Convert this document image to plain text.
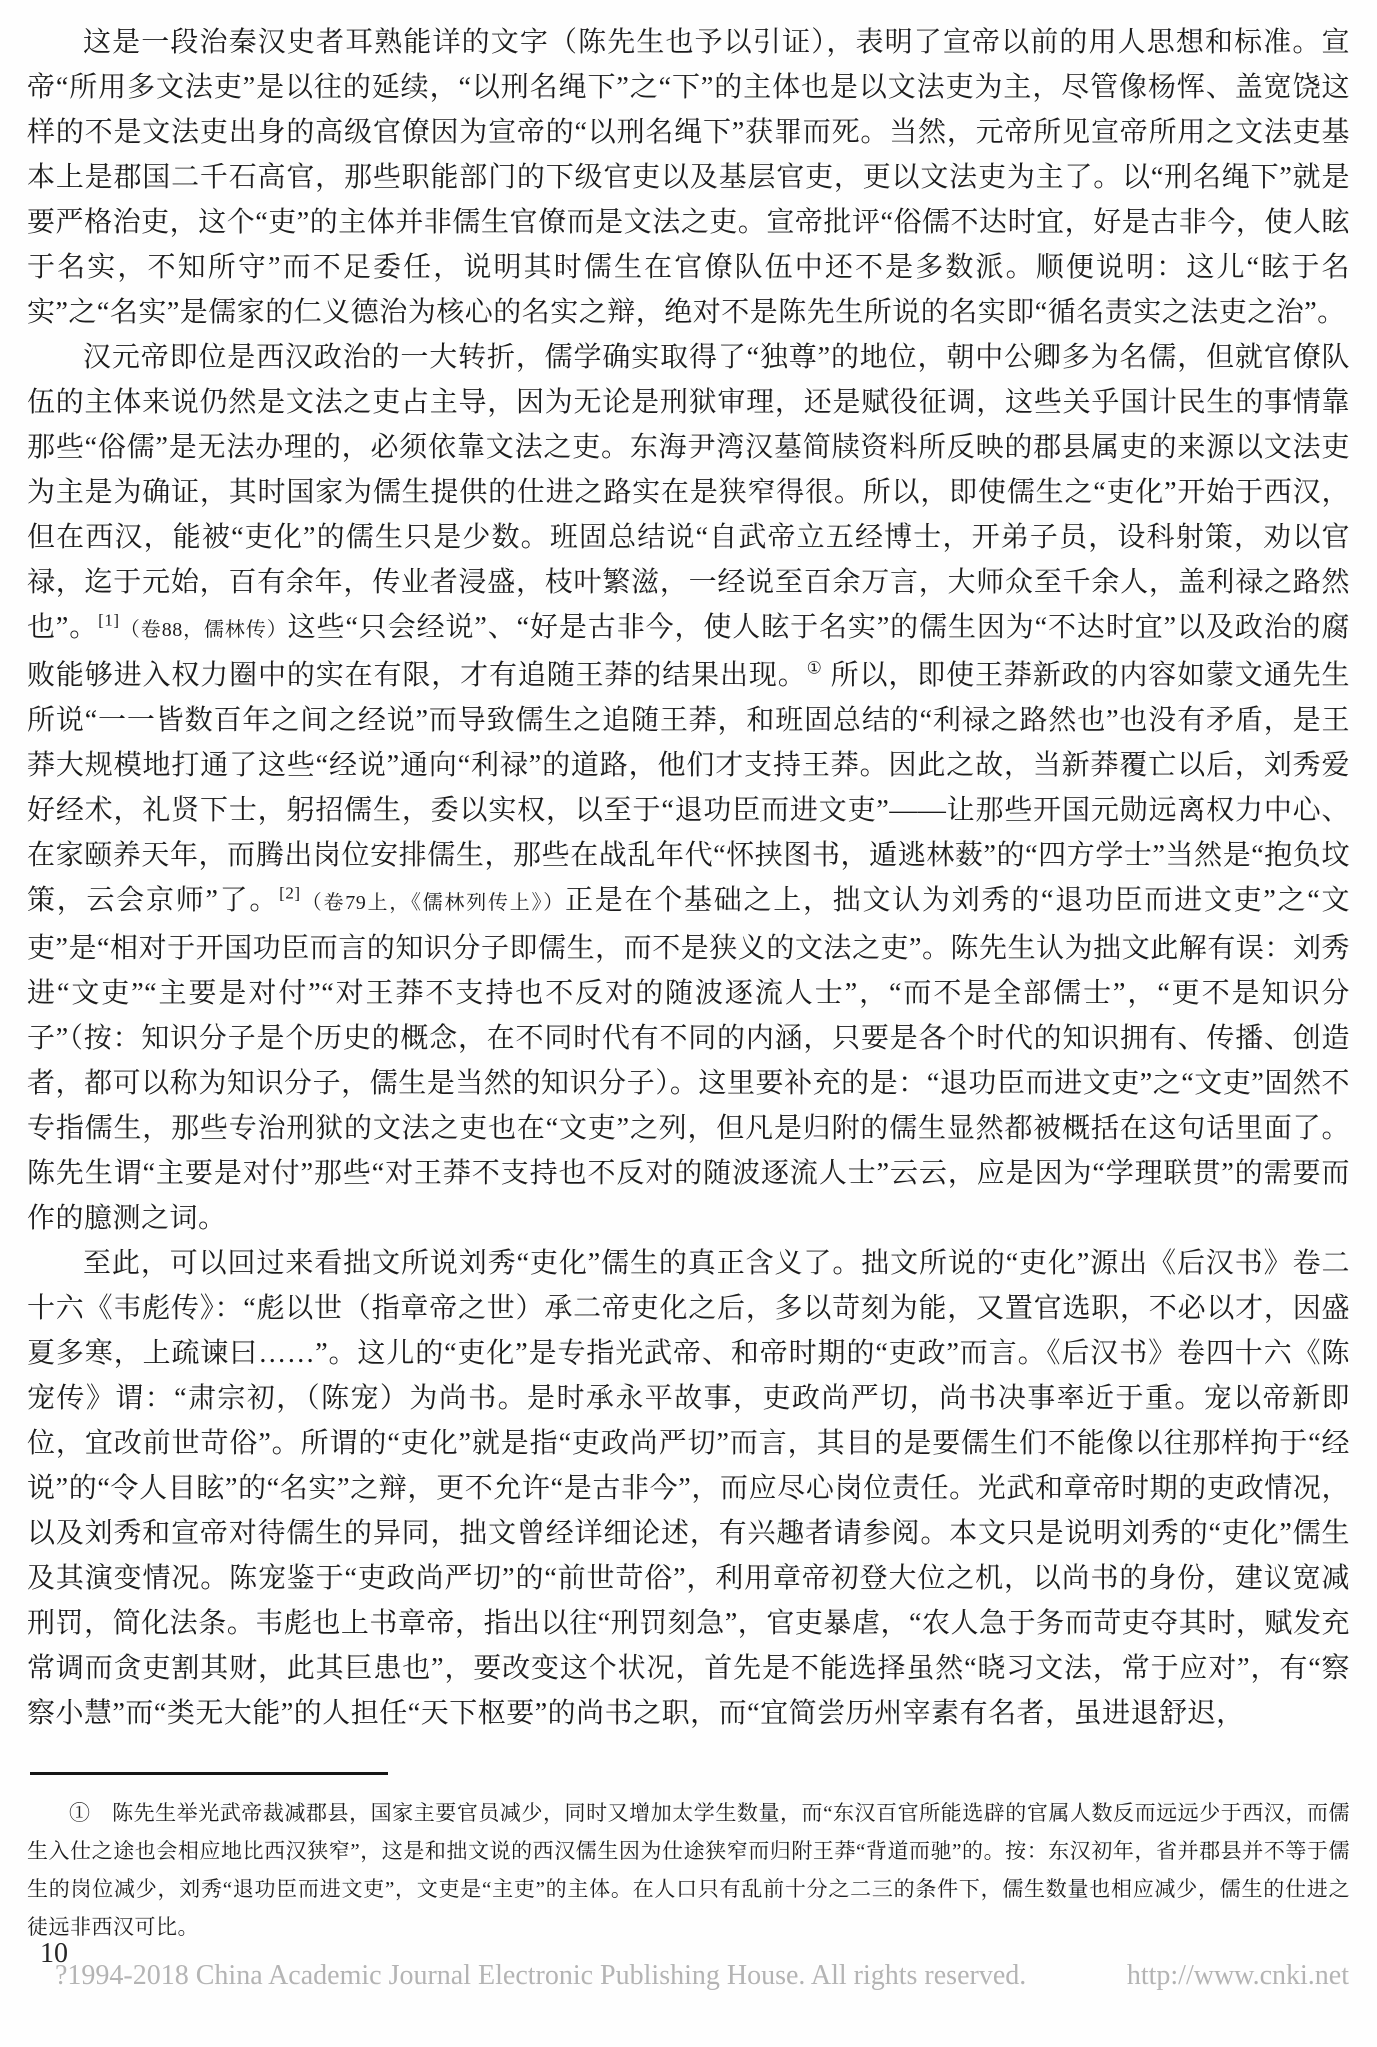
这是一段治秦汉史者耳熟能详的文字（陈先生也予以引证），表明了宣帝以前的用人思想和标准。宣帝“所用多文法吏”是以往的延续，“以刑名绳下”之“下”的主体也是以文法吏为主，尽管像杨恽、盖宽饶这样的不是文法吏出身的高级官僚因为宣帝的“以刑名绳下”获罪而死。当然，元帝所见宣帝所用之文法吏基本上是郡国二千石高官，那些职能部门的下级官吏以及基层官吏，更以文法吏为主了。以“刑名绳下”就是要严格治吏，这个“吏”的主体并非儒生官僚而是文法之吏。宣帝批评“俗儒不达时宜，好是古非今，使人眩于名实，不知所守”而不足委任，说明其时儒生在官僚队伍中还不是多数派。顺便说明：这儿“眩于名实”之“名实”是儒家的仁义德治为核心的名实之辩，绝对不是陈先生所说的名实即“循名责实之法吏之治”。

汉元帝即位是西汉政治的一大转折，儒学确实取得了“独尊”的地位，朝中公卿多为名儒，但就官僚队伍的主体来说仍然是文法之吏占主导，因为无论是刑狱审理，还是赋役征调，这些关乎国计民生的事情靠那些“俗儒”是无法办理的，必须依靠文法之吏。东海尹湾汉墓简牍资料所反映的郡县属吏的来源以文法吏为主是为确证，其时国家为儒生提供的仕进之路实在是狭窄得很。所以，即使儒生之“吏化”开始于西汉，但在西汉，能被“吏化”的儒生只是少数。班固总结说“自武帝立五经博士，开弟子员，设科射策，劝以官禄，迄于元始，百有余年，传业者浸盛，枝叶繁滋，一经说至百余万言，大师众至千余人，盖利禄之路然也”。[1]（卷88，儒林传）这些“只会经说”、“好是古非今，使人眩于名实”的儒生因为“不达时宜”以及政治的腐败能够进入权力圈中的实在有限，才有追随王莽的结果出现。① 所以，即使王莽新政的内容如蒙文通先生所说“一一皆数百年之间之经说”而导致儒生之追随王莽，和班固总结的“利禄之路然也”也没有矛盾，是王莽大规模地打通了这些“经说”通向“利禄”的道路，他们才支持王莽。因此之故，当新莽覆亡以后，刘秀爱好经术，礼贤下士，躬招儒生，委以实权，以至于“退功臣而进文吏”——让那些开国元勋远离权力中心、在家颐养天年，而腾出岗位安排儒生，那些在战乱年代“怀挟图书，遁逃林薮”的“四方学士”当然是“抱负坟策，云会京师”了。[2]（卷79上，《儒林列传上》）正是在个基础之上，拙文认为刘秀的“退功臣而进文吏”之“文吏”是“相对于开国功臣而言的知识分子即儒生，而不是狭义的文法之吏”。陈先生认为拙文此解有误：刘秀进“文吏”“主要是对付”“对王莽不支持也不反对的随波逐流人士”，“而不是全部儒士”，“更不是知识分子”（按：知识分子是个历史的概念，在不同时代有不同的内涵，只要是各个时代的知识拥有、传播、创造者，都可以称为知识分子，儒生是当然的知识分子）。这里要补充的是：“退功臣而进文吏”之“文吏”固然不专指儒生，那些专治刑狱的文法之吏也在“文吏”之列，但凡是归附的儒生显然都被概括在这句话里面了。陈先生谓“主要是对付”那些“对王莽不支持也不反对的随波逐流人士”云云，应是因为“学理联贯”的需要而作的臆测之词。

至此，可以回过来看拙文所说刘秀“吏化”儒生的真正含义了。拙文所说的“吏化”源出《后汉书》卷二十六《韦彪传》：“彪以世（指章帝之世）承二帝吏化之后，多以苛刻为能，又置官选职，不必以才，因盛夏多寒，上疏谏曰……”。这儿的“吏化”是专指光武帝、和帝时期的“吏政”而言。《后汉书》卷四十六《陈宠传》谓：“肃宗初，（陈宠）为尚书。是时承永平故事，吏政尚严切，尚书决事率近于重。宠以帝新即位，宜改前世苛俗”。所谓的“吏化”就是指“吏政尚严切”而言，其目的是要儒生们不能像以往那样拘于“经说”的“令人目眩”的“名实”之辩，更不允许“是古非今”，而应尽心岗位责任。光武和章帝时期的吏政情况，以及刘秀和宣帝对待儒生的异同，拙文曾经详细论述，有兴趣者请参阅。本文只是说明刘秀的“吏化”儒生及其演变情况。陈宠鉴于“吏政尚严切”的“前世苛俗”，利用章帝初登大位之机，以尚书的身份，建议宽减刑罚，简化法条。韦彪也上书章帝，指出以往“刑罚刻急”，官吏暴虐，“农人急于务而苛吏夺其时，赋发充常调而贪吏割其财，此其巨患也”，要改变这个状况，首先是不能选择虽然“晓习文法，常于应对”，有“察察小慧”而“类无大能”的人担任“天下枢要”的尚书之职，而“宜简尝历州宰素有名者，虽进退舒迟，

① 陈先生举光武帝裁减郡县，国家主要官员减少，同时又增加太学生数量，而“东汉百官所能选辟的官属人数反而远远少于西汉，而儒生入仕之途也会相应地比西汉狭窄”，这是和拙文说的西汉儒生因为仕途狭窄而归附王莽“背道而驰”的。按：东汉初年，省并郡县并不等于儒生的岗位减少，刘秀“退功臣而进文吏”，文吏是“主吏”的主体。在人口只有乱前十分之二三的条件下，儒生数量也相应减少，儒生的仕进之徒远非西汉可比。

10
?1994-2018 China Academic Journal Electronic Publishing House. All rights reserved.	http://www.cnki.net
